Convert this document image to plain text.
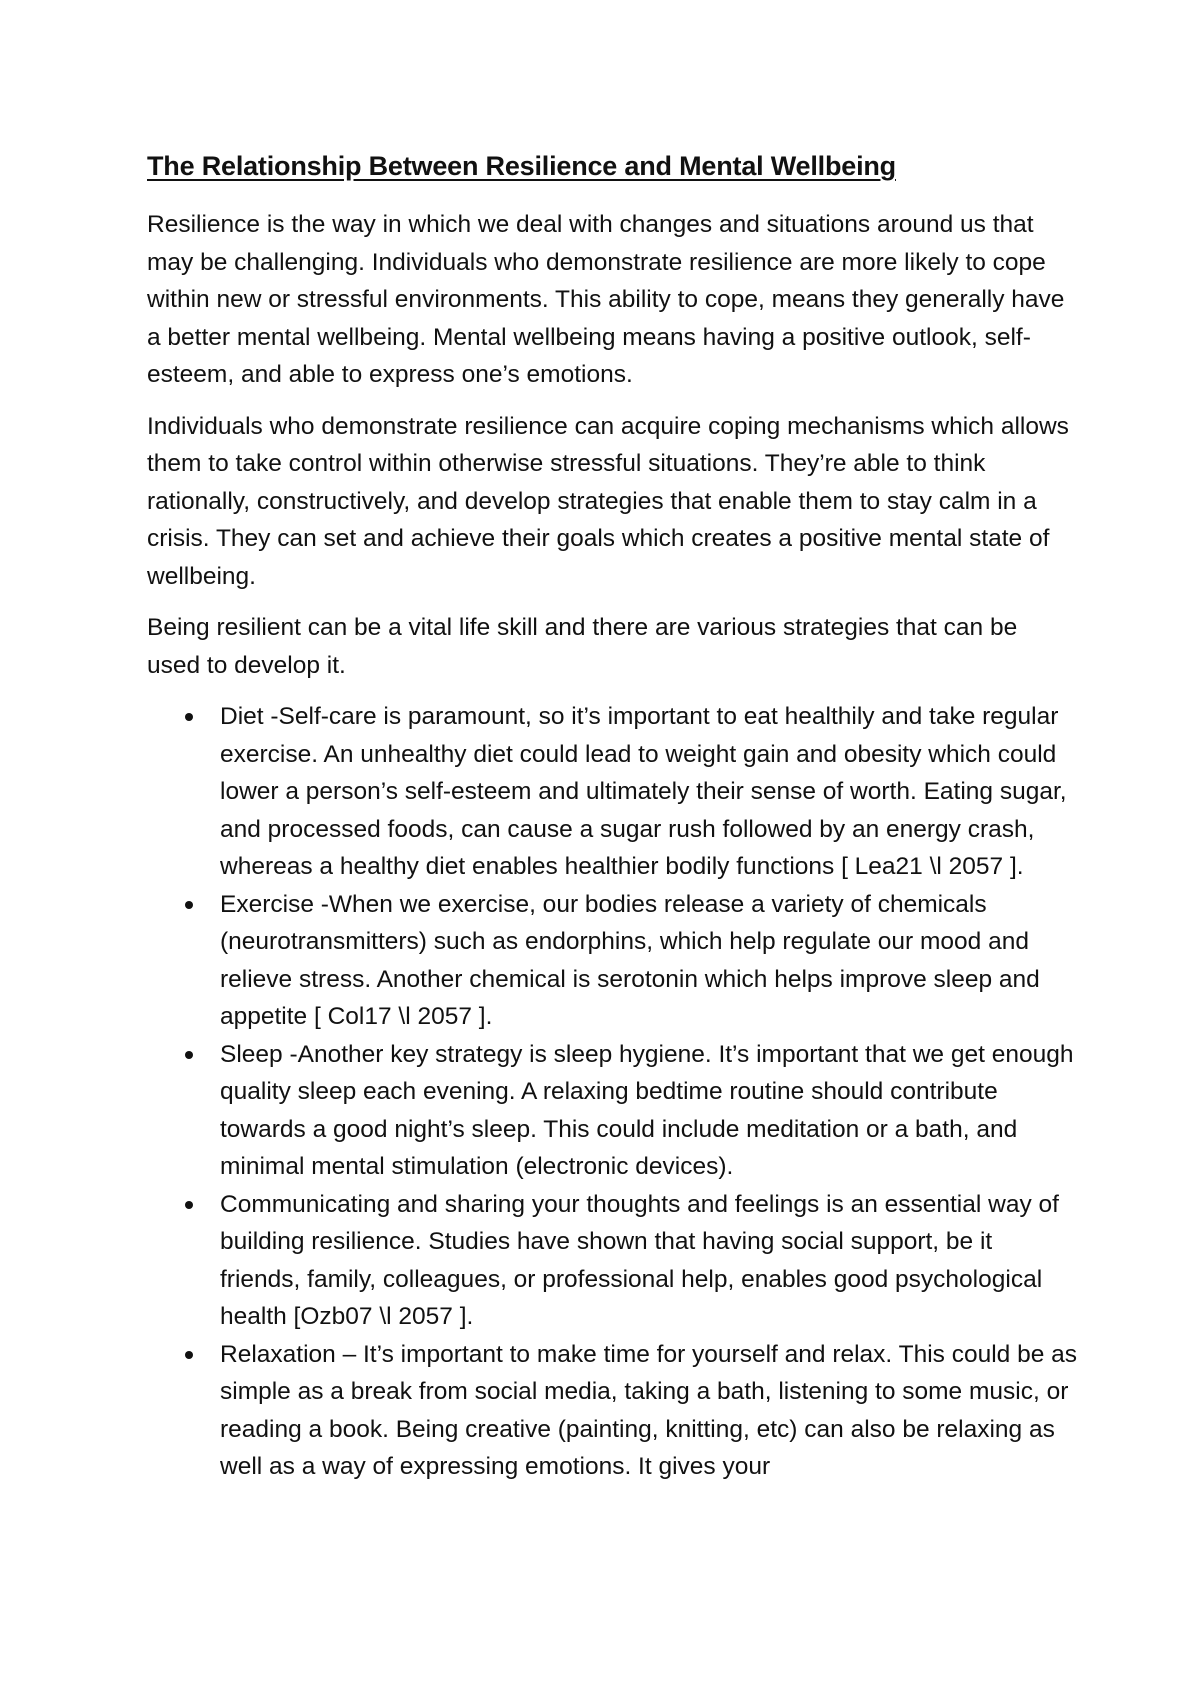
The Relationship Between Resilience and Mental Wellbeing

Resilience is the way in which we deal with changes and situations around us that may be challenging. Individuals who demonstrate resilience are more likely to cope within new or stressful environments. This ability to cope, means they generally have a better mental wellbeing. Mental wellbeing means having a positive outlook, self-esteem, and able to express one’s emotions.

Individuals who demonstrate resilience can acquire coping mechanisms which allows them to take control within otherwise stressful situations. They’re able to think rationally, constructively, and develop strategies that enable them to stay calm in a crisis. They can set and achieve their goals which creates a positive mental state of wellbeing.

Being resilient can be a vital life skill and there are various strategies that can be used to develop it.

Diet -Self-care is paramount, so it’s important to eat healthily and take regular exercise. An unhealthy diet could lead to weight gain and obesity which could lower a person’s self-esteem and ultimately their sense of worth. Eating sugar, and processed foods, can cause a sugar rush followed by an energy crash, whereas a healthy diet enables healthier bodily functions [ Lea21 \l 2057 ].
Exercise -When we exercise, our bodies release a variety of chemicals (neurotransmitters) such as endorphins, which help regulate our mood and relieve stress. Another chemical is serotonin which helps improve sleep and appetite [ Col17 \l 2057 ].
Sleep -Another key strategy is sleep hygiene. It’s important that we get enough quality sleep each evening. A relaxing bedtime routine should contribute towards a good night’s sleep. This could include meditation or a bath, and minimal mental stimulation (electronic devices).
Communicating and sharing your thoughts and feelings is an essential way of building resilience. Studies have shown that having social support, be it friends, family, colleagues, or professional help, enables good psychological health [Ozb07 \l 2057 ].
Relaxation – It’s important to make time for yourself and relax. This could be as simple as a break from social media, taking a bath, listening to some music, or reading a book. Being creative (painting, knitting, etc) can also be relaxing as well as a way of expressing emotions. It gives your
